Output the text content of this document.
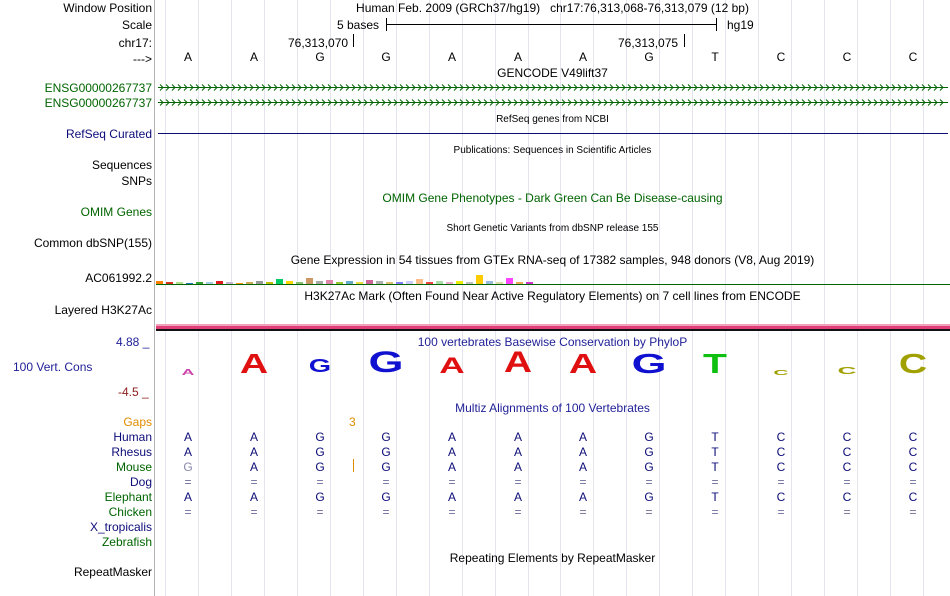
Window Position
Scale
chr17:
--->
Human Feb. 2009 (GRCh37/hg19)   chr17:76,313,068-76,313,079 (12 bp)
5 bases	hg19
76,313,070	76,313,075
A	A	G	G	A	A	A	G	T	C	C	C
GENCODE V49lift37
ENSG00000267737
ENSG00000267737
RefSeq genes from NCBI
RefSeq Curated
Publications: Sequences in Scientific Articles
Sequences
SNPs
OMIM Gene Phenotypes - Dark Green Can Be Disease-causing
OMIM Genes
Short Genetic Variants from dbSNP release 155
Common dbSNP(155)
Gene Expression in 54 tissues from GTEx RNA-seq of 17382 samples, 948 donors (V8, Aug 2019)
AC061992.2
H3K27Ac Mark (Often Found Near Active Regulatory Elements) on 7 cell lines from ENCODE
Layered H3K27Ac
100 vertebrates Basewise Conservation by PhyloP
4.88 _
100 Vert. Cons
-4.5 _
A	A	G	G	A	A	A	G	T	C	C	C
Multiz Alignments of 100 Vertebrates
Gaps	3
Human	A	A	G	G	A	A	A	G	T	C	C	C
Rhesus	A	A	G	G	A	A	A	G	T	C	C	C
Mouse	G	A	G	G	A	A	A	G	T	C	C	C
Dog	=	=	=	=	=	=	=	=	=	=	=	=
Elephant	A	A	G	G	A	A	A	G	T	C	C	C
Chicken	=	=	=	=	=	=	=	=	=	=	=	=
X_tropicalis
Zebrafish
Repeating Elements by RepeatMasker
RepeatMasker
